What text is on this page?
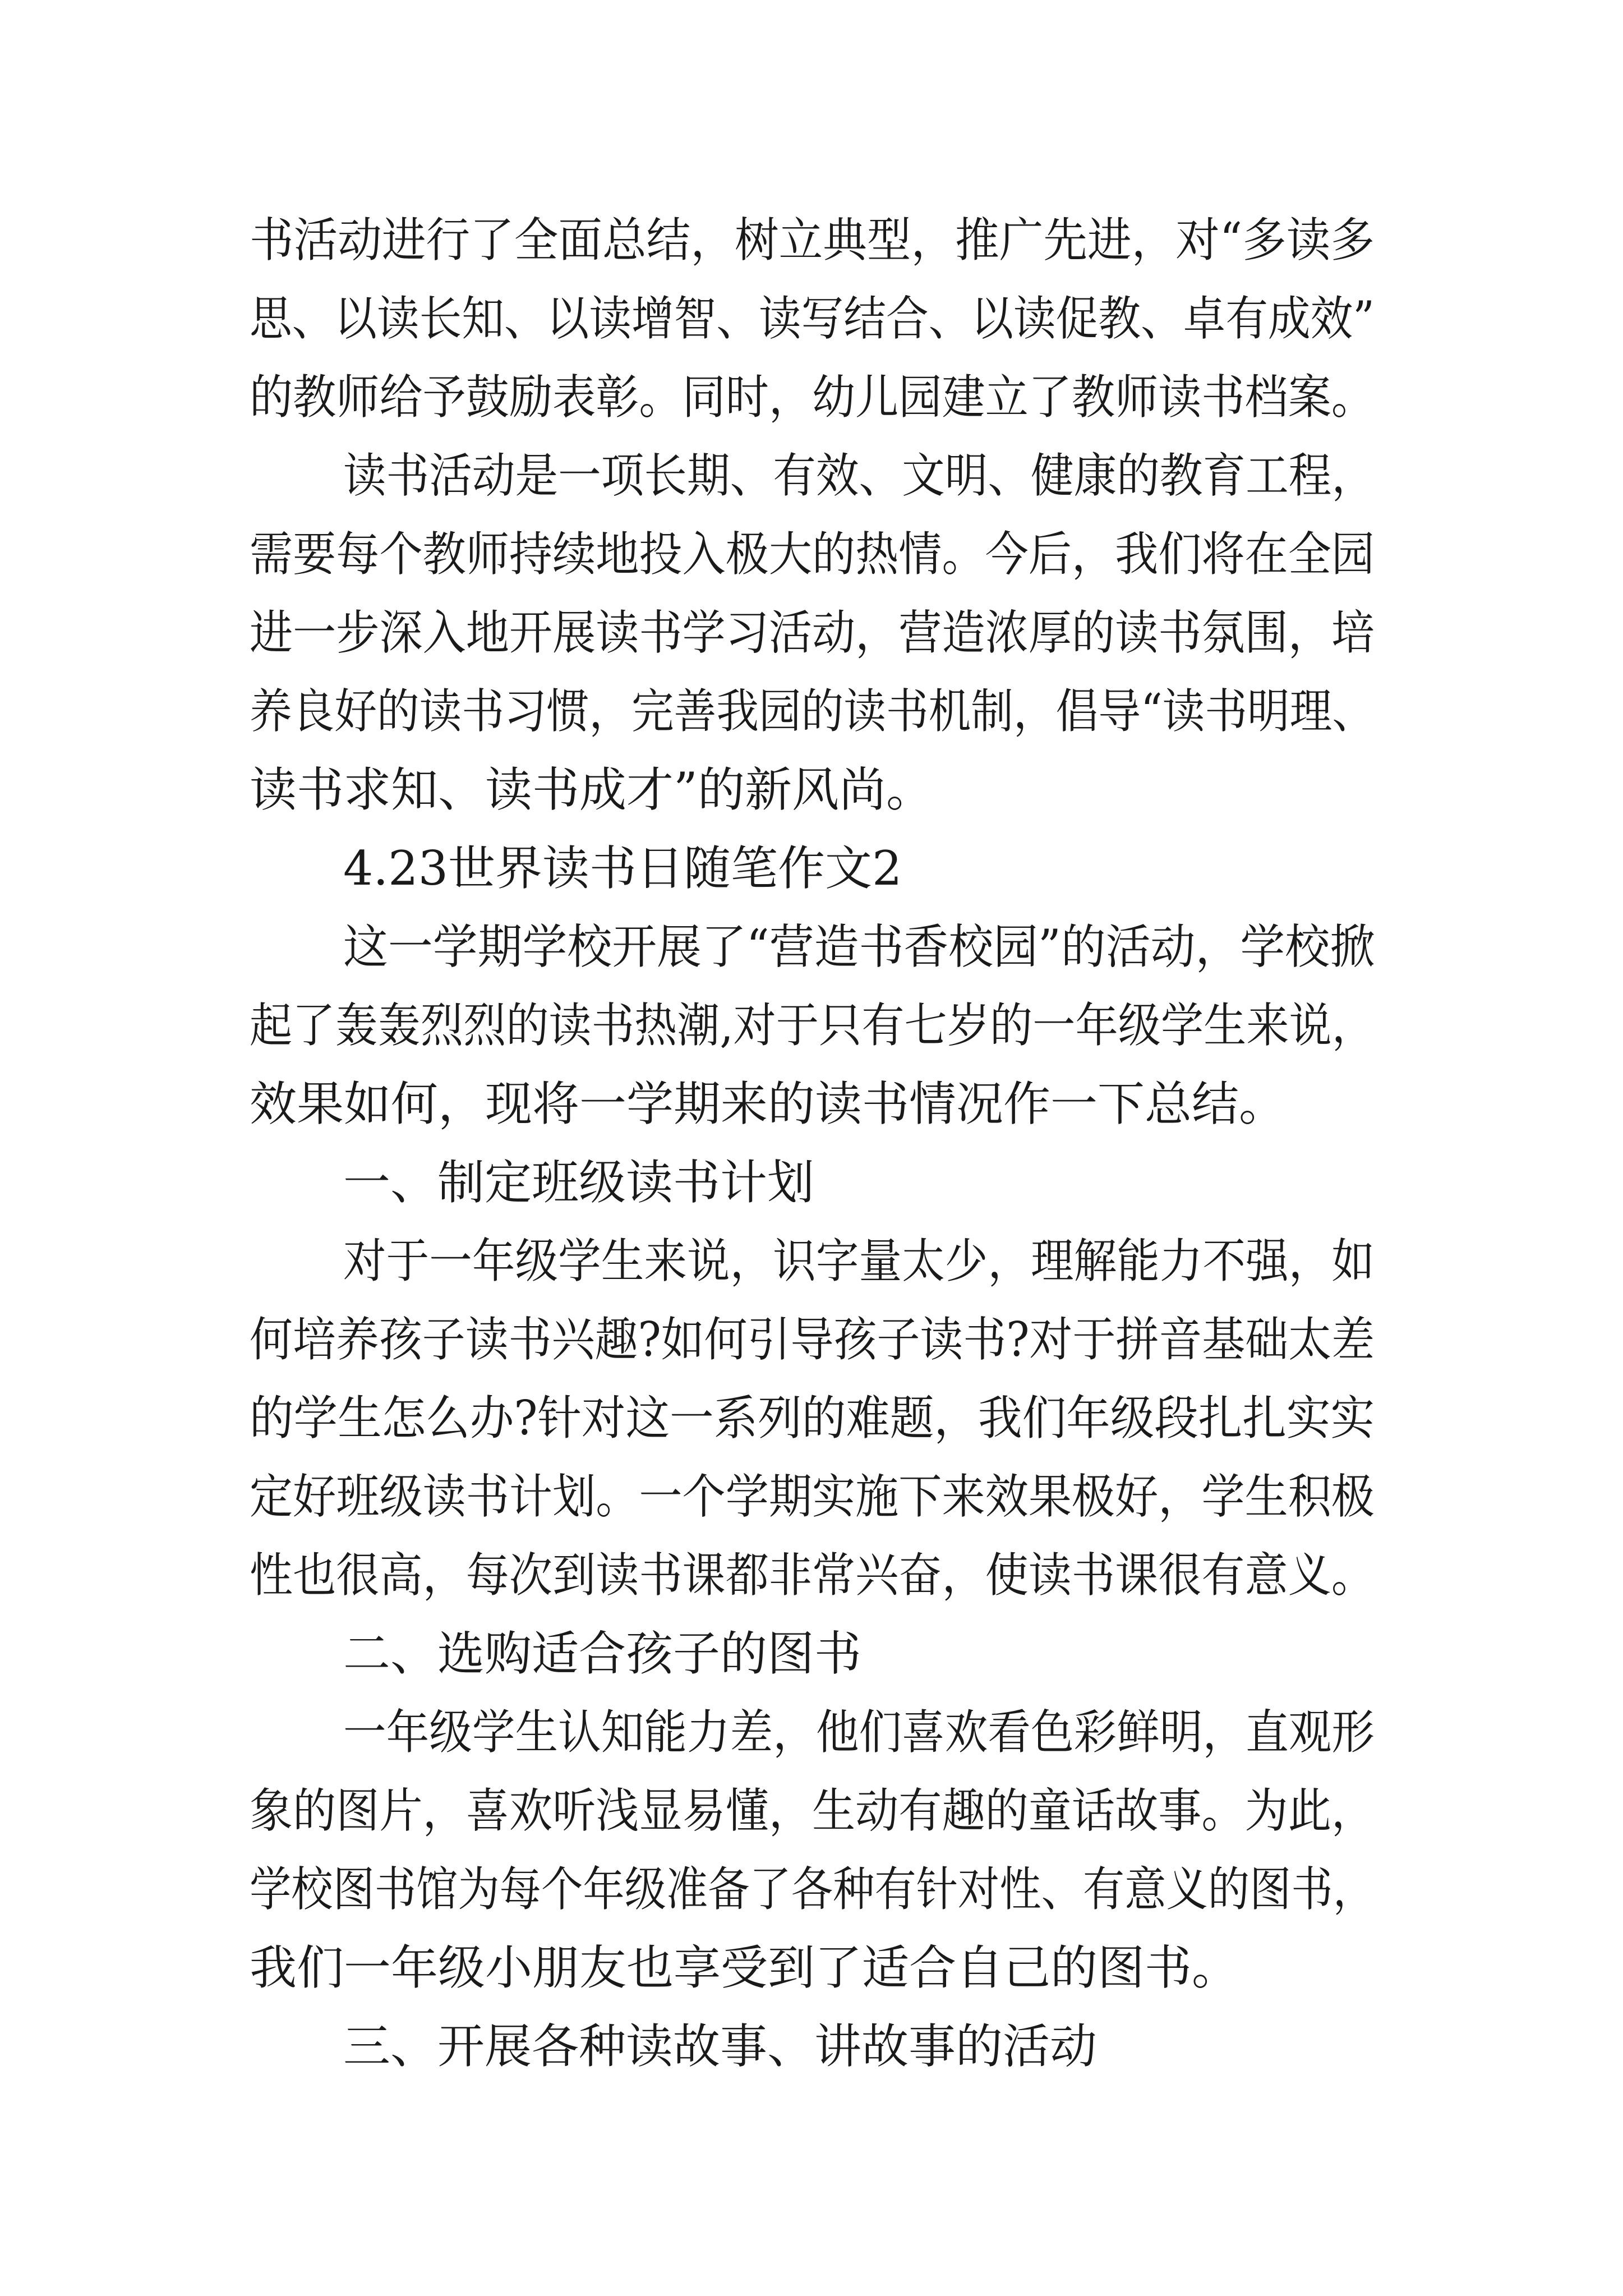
书活动进行了全面总结，树立典型，推广先进，对“多读多
思、以读长知、以读增智、读写结合、以读促教、卓有成效”
的教师给予鼓励表彰。同时，幼儿园建立了教师读书档案。
读书活动是一项长期、有效、文明、健康的教育工程，
需要每个教师持续地投入极大的热情。今后，我们将在全园
进一步深入地开展读书学习活动，营造浓厚的读书氛围，培
养良好的读书习惯，完善我园的读书机制，倡导“读书明理、
读书求知、读书成才”的新风尚。
4.23世界读书日随笔作文2
这一学期学校开展了“营造书香校园”的活动，学校掀
起了轰轰烈烈的读书热潮,对于只有七岁的一年级学生来说，
效果如何，现将一学期来的读书情况作一下总结。
一、制定班级读书计划
对于一年级学生来说，识字量太少，理解能力不强，如
何培养孩子读书兴趣?如何引导孩子读书?对于拼音基础太差
的学生怎么办?针对这一系列的难题，我们年级段扎扎实实
定好班级读书计划。一个学期实施下来效果极好，学生积极
性也很高，每次到读书课都非常兴奋，使读书课很有意义。
二、选购适合孩子的图书
一年级学生认知能力差，他们喜欢看色彩鲜明，直观形
象的图片，喜欢听浅显易懂，生动有趣的童话故事。为此，
学校图书馆为每个年级准备了各种有针对性、有意义的图书，
我们一年级小朋友也享受到了适合自己的图书。
三、开展各种读故事、讲故事的活动
